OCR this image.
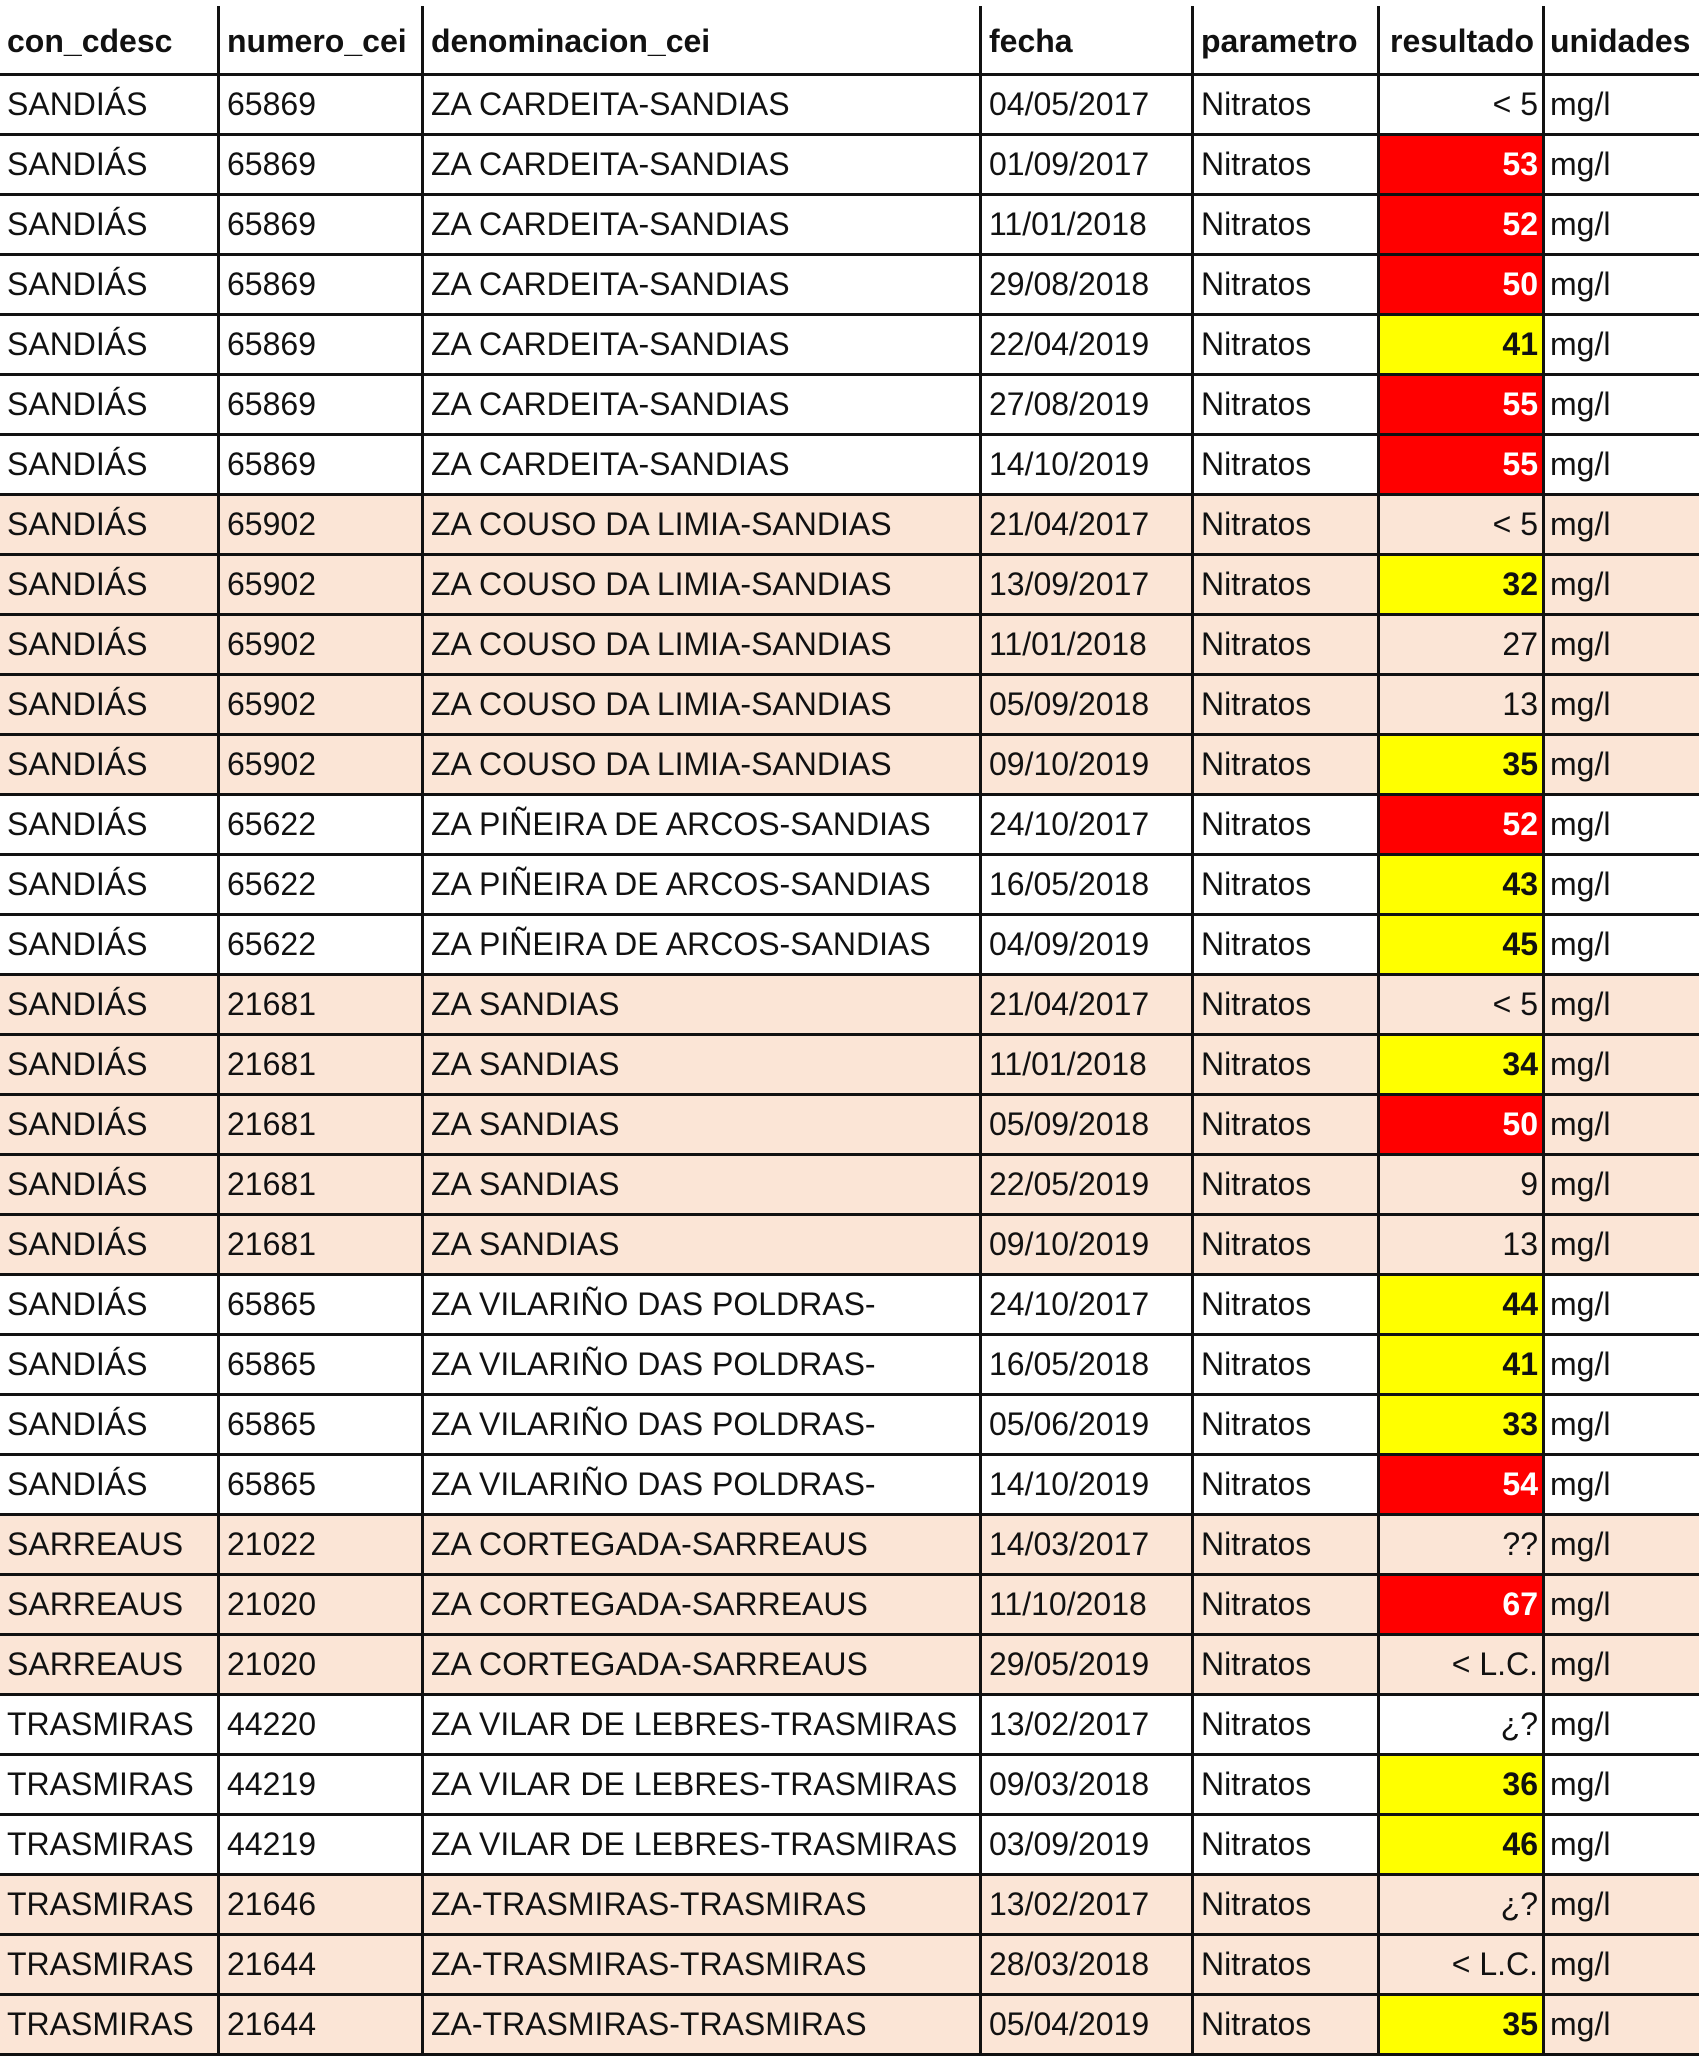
con_cdesc	numero_cei denominacion_cei	fecha	parametro	resultado unidades
SANDIÁS	65869	ZA CARDEITA-SANDIAS	04/05/2017	Nitratos	< 5 mg/l
SANDIÁS	65869	ZA CARDEITA-SANDIAS	01/09/2017	Nitratos	53 mg/l
SANDIÁS	65869	ZA CARDEITA-SANDIAS	11/01/2018	Nitratos	52 mg/l
SANDIÁS	65869	ZA CARDEITA-SANDIAS	29/08/2018	Nitratos	50 mg/l
SANDIÁS	65869	ZA CARDEITA-SANDIAS	22/04/2019	Nitratos	41 mg/l
SANDIÁS	65869	ZA CARDEITA-SANDIAS	27/08/2019	Nitratos	55 mg/l
SANDIÁS	65869	ZA CARDEITA-SANDIAS	14/10/2019	Nitratos	55 mg/l
SANDIÁS	65902	ZA COUSO DA LIMIA-SANDIAS	21/04/2017	Nitratos	< 5 mg/l
SANDIÁS	65902	ZA COUSO DA LIMIA-SANDIAS	13/09/2017	Nitratos	32 mg/l
SANDIÁS	65902	ZA COUSO DA LIMIA-SANDIAS	11/01/2018	Nitratos	27 mg/l
SANDIÁS	65902	ZA COUSO DA LIMIA-SANDIAS	05/09/2018	Nitratos	13 mg/l
SANDIÁS	65902	ZA COUSO DA LIMIA-SANDIAS	09/10/2019	Nitratos	35 mg/l
SANDIÁS	65622	ZA PIÑEIRA DE ARCOS-SANDIAS	24/10/2017	Nitratos	52 mg/l
SANDIÁS	65622	ZA PIÑEIRA DE ARCOS-SANDIAS	16/05/2018	Nitratos	43 mg/l
SANDIÁS	65622	ZA PIÑEIRA DE ARCOS-SANDIAS	04/09/2019	Nitratos	45 mg/l
SANDIÁS	21681	ZA SANDIAS	21/04/2017	Nitratos	< 5 mg/l
SANDIÁS	21681	ZA SANDIAS	11/01/2018	Nitratos	34 mg/l
SANDIÁS	21681	ZA SANDIAS	05/09/2018	Nitratos	50 mg/l
SANDIÁS	21681	ZA SANDIAS	22/05/2019	Nitratos	9 mg/l
SANDIÁS	21681	ZA SANDIAS	09/10/2019	Nitratos	13 mg/l
SANDIÁS	65865	ZA VILARIÑO DAS POLDRAS-	24/10/2017	Nitratos	44 mg/l
SANDIÁS	65865	ZA VILARIÑO DAS POLDRAS-	16/05/2018	Nitratos	41 mg/l
SANDIÁS	65865	ZA VILARIÑO DAS POLDRAS-	05/06/2019	Nitratos	33 mg/l
SANDIÁS	65865	ZA VILARIÑO DAS POLDRAS-	14/10/2019	Nitratos	54 mg/l
SARREAUS	21022	ZA CORTEGADA-SARREAUS	14/03/2017	Nitratos	?? mg/l
SARREAUS	21020	ZA CORTEGADA-SARREAUS	11/10/2018	Nitratos	67 mg/l
SARREAUS	21020	ZA CORTEGADA-SARREAUS	29/05/2019	Nitratos	< L.C. mg/l
TRASMIRAS	44220	ZA VILAR DE LEBRES-TRASMIRAS 13/02/2017	Nitratos	¿? mg/l
TRASMIRAS	44219	ZA VILAR DE LEBRES-TRASMIRAS 09/03/2018	Nitratos	36 mg/l
TRASMIRAS	44219	ZA VILAR DE LEBRES-TRASMIRAS 03/09/2019	Nitratos	46 mg/l
TRASMIRAS	21646	ZA-TRASMIRAS-TRASMIRAS	13/02/2017	Nitratos	¿? mg/l
TRASMIRAS	21644	ZA-TRASMIRAS-TRASMIRAS	28/03/2018	Nitratos	< L.C. mg/l
TRASMIRAS	21644	ZA-TRASMIRAS-TRASMIRAS	05/04/2019	Nitratos	35 mg/l
